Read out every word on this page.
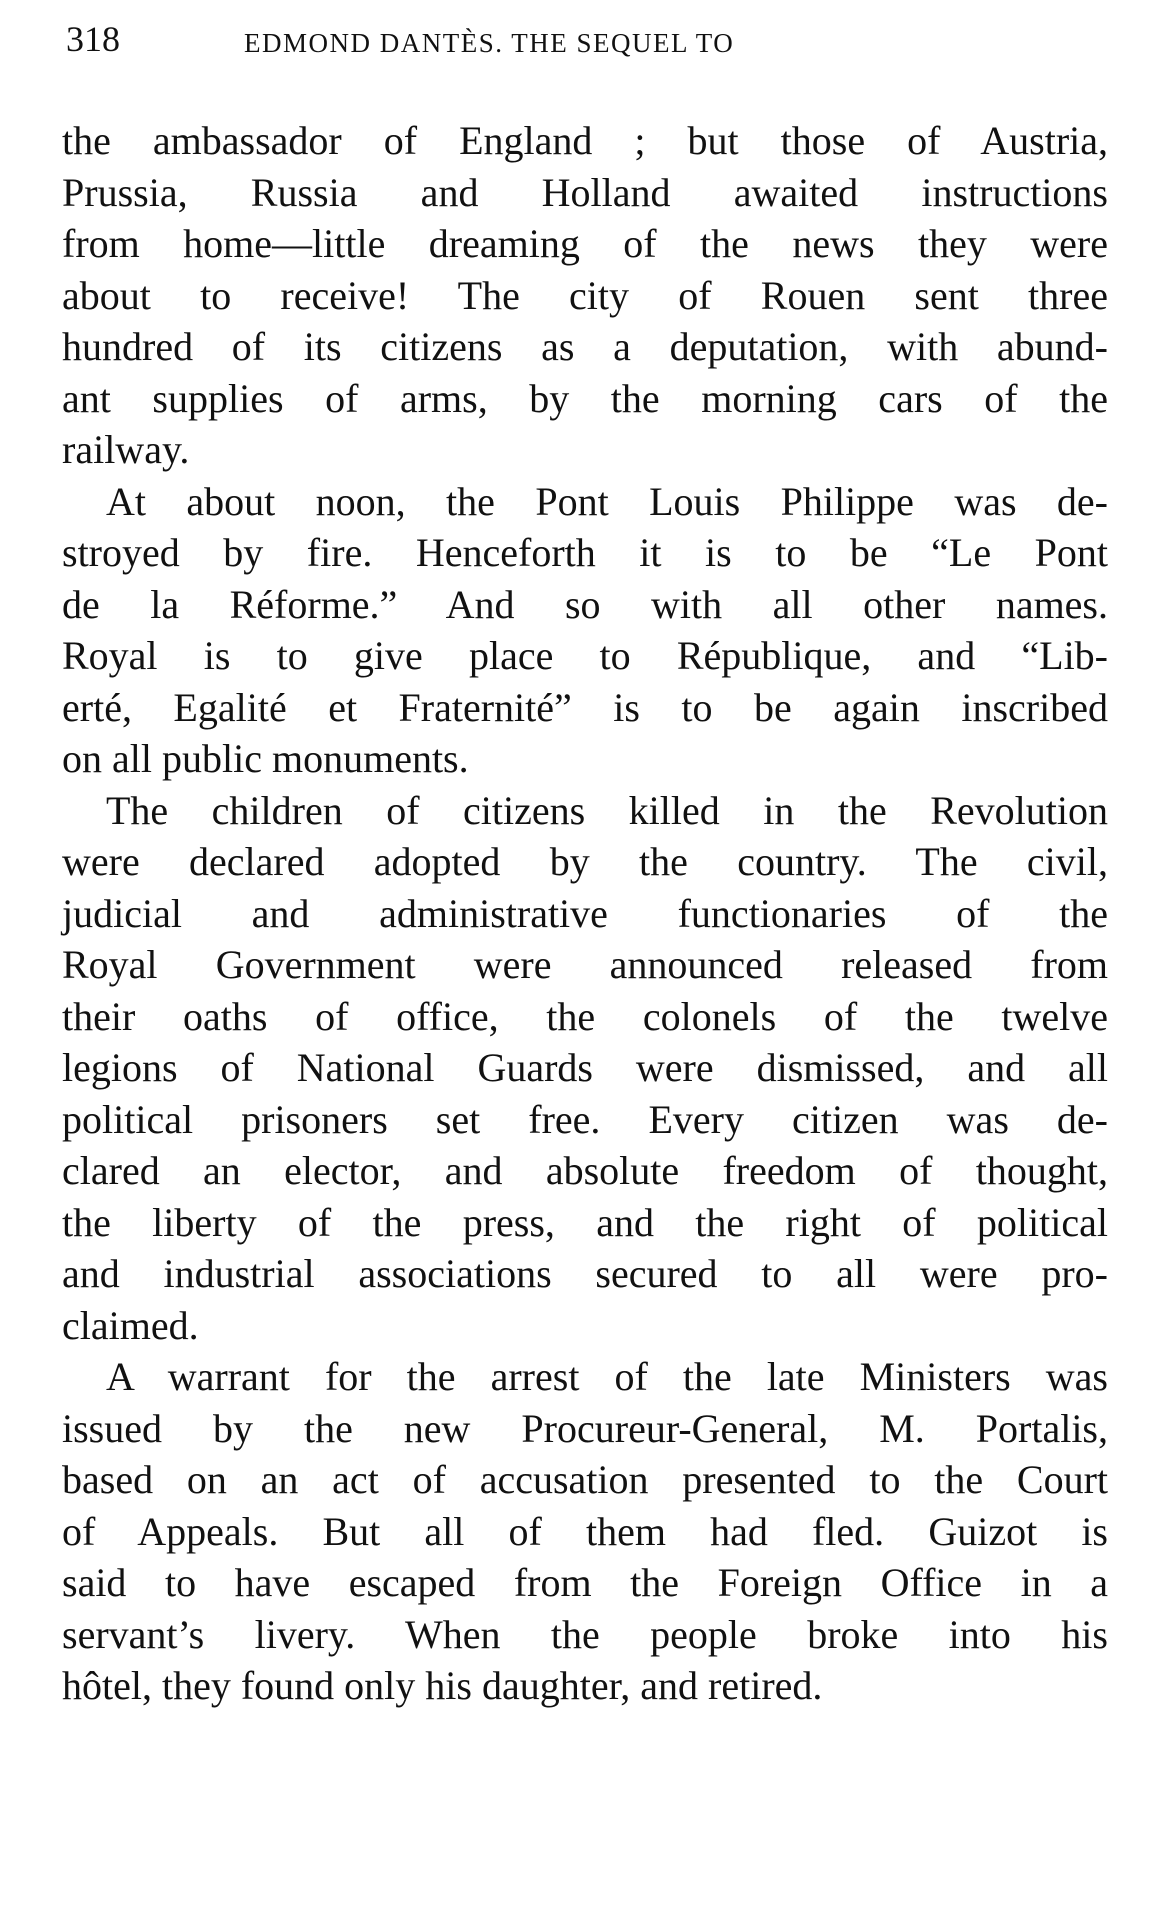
318	EDMOND DANTÈS. THE SEQUEL TO
the ambassador of England ; but those of Austria,
Prussia, Russia and Holland awaited instructions
from home—little dreaming of the news they were
about to receive! The city of Rouen sent three
hundred of its citizens as a deputation, with abund-
ant supplies of arms, by the morning cars of the
railway.
At about noon, the Pont Louis Philippe was de-
stroyed by fire. Henceforth it is to be “Le Pont
de la Réforme.” And so with all other names.
Royal is to give place to République, and “Lib-
erté, Egalité et Fraternité” is to be again inscribed
on all public monuments.
The children of citizens killed in the Revolution
were declared adopted by the country. The civil,
judicial and administrative functionaries of the
Royal Government were announced released from
their oaths of office, the colonels of the twelve
legions of National Guards were dismissed, and all
political prisoners set free. Every citizen was de-
clared an elector, and absolute freedom of thought,
the liberty of the press, and the right of political
and industrial associations secured to all were pro-
claimed.
A warrant for the arrest of the late Ministers was
issued by the new Procureur-General, M. Portalis,
based on an act of accusation presented to the Court
of Appeals. But all of them had fled. Guizot is
said to have escaped from the Foreign Office in a
servant’s livery. When the people broke into his
hôtel, they found only his daughter, and retired.
